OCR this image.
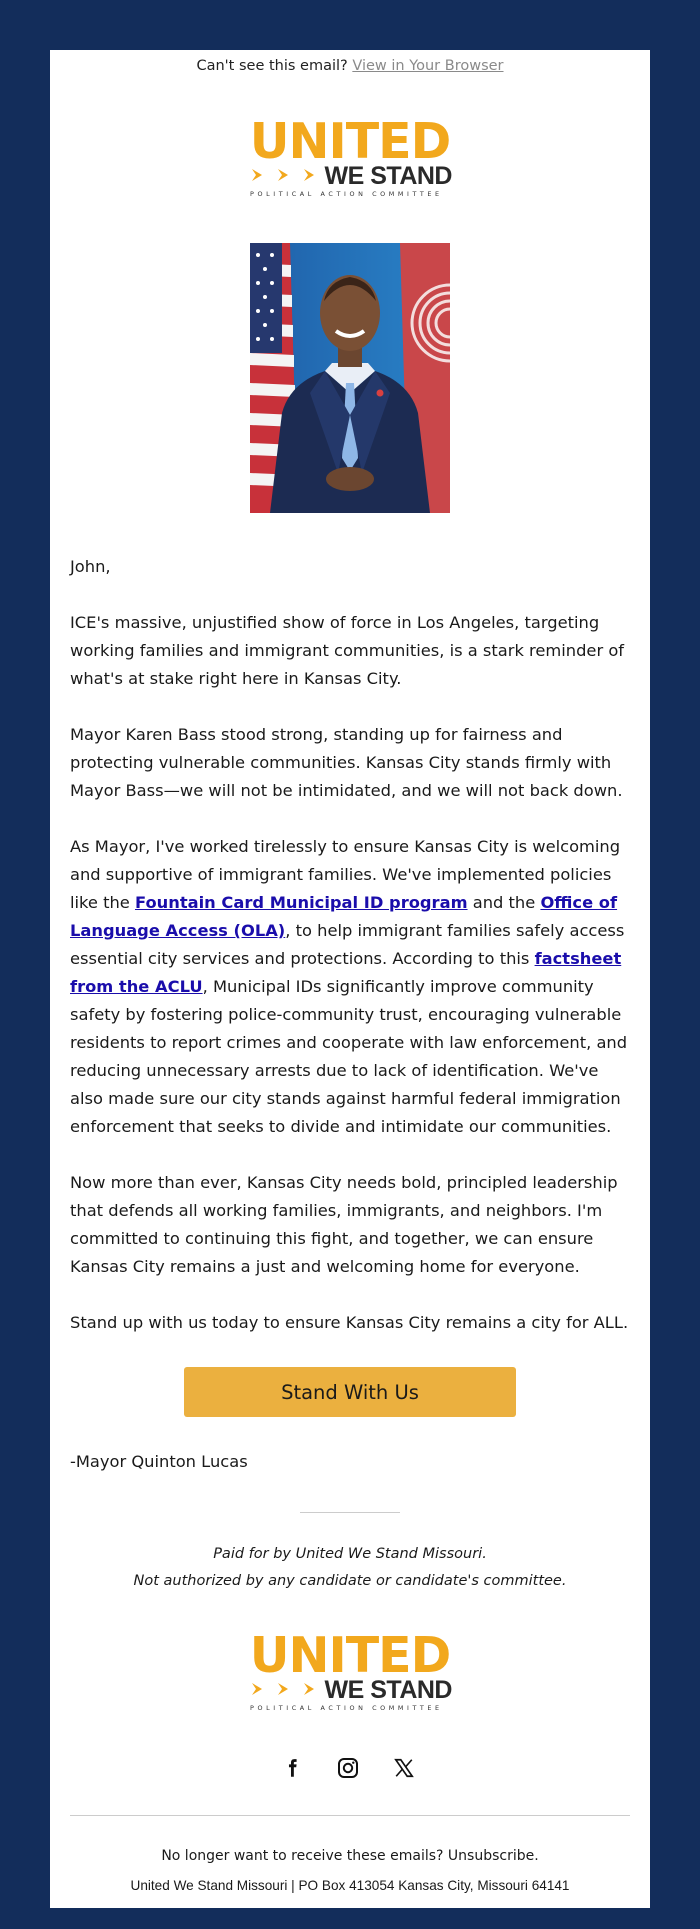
Can't see this email? View in Your Browser
UNITED
WE STAND
POLITICAL ACTION COMMITTEE
John,
ICE's massive, unjustified show of force in Los Angeles, targeting working families and immigrant communities, is a stark reminder of what's at stake right here in Kansas City.
Mayor Karen Bass stood strong, standing up for fairness and protecting vulnerable communities. Kansas City stands firmly with Mayor Bass—we will not be intimidated, and we will not back down.
As Mayor, I've worked tirelessly to ensure Kansas City is welcoming and supportive of immigrant families. We've implemented policies like the Fountain Card Municipal ID program and the Office of Language Access (OLA), to help immigrant families safely access essential city services and protections. According to this factsheet from the ACLU, Municipal IDs significantly improve community safety by fostering police-community trust, encouraging vulnerable residents to report crimes and cooperate with law enforcement, and reducing unnecessary arrests due to lack of identification. We've also made sure our city stands against harmful federal immigration enforcement that seeks to divide and intimidate our communities.
Now more than ever, Kansas City needs bold, principled leadership that defends all working families, immigrants, and neighbors. I'm committed to continuing this fight, and together, we can ensure Kansas City remains a just and welcoming home for everyone.
Stand up with us today to ensure Kansas City remains a city for ALL.
Stand With Us
-Mayor Quinton Lucas
Paid for by United We Stand Missouri.
Not authorized by any candidate or candidate's committee.
UNITED
WE STAND
POLITICAL ACTION COMMITTEE
No longer want to receive these emails? Unsubscribe.
United We Stand Missouri | PO Box 413054 Kansas City, Missouri 64141
